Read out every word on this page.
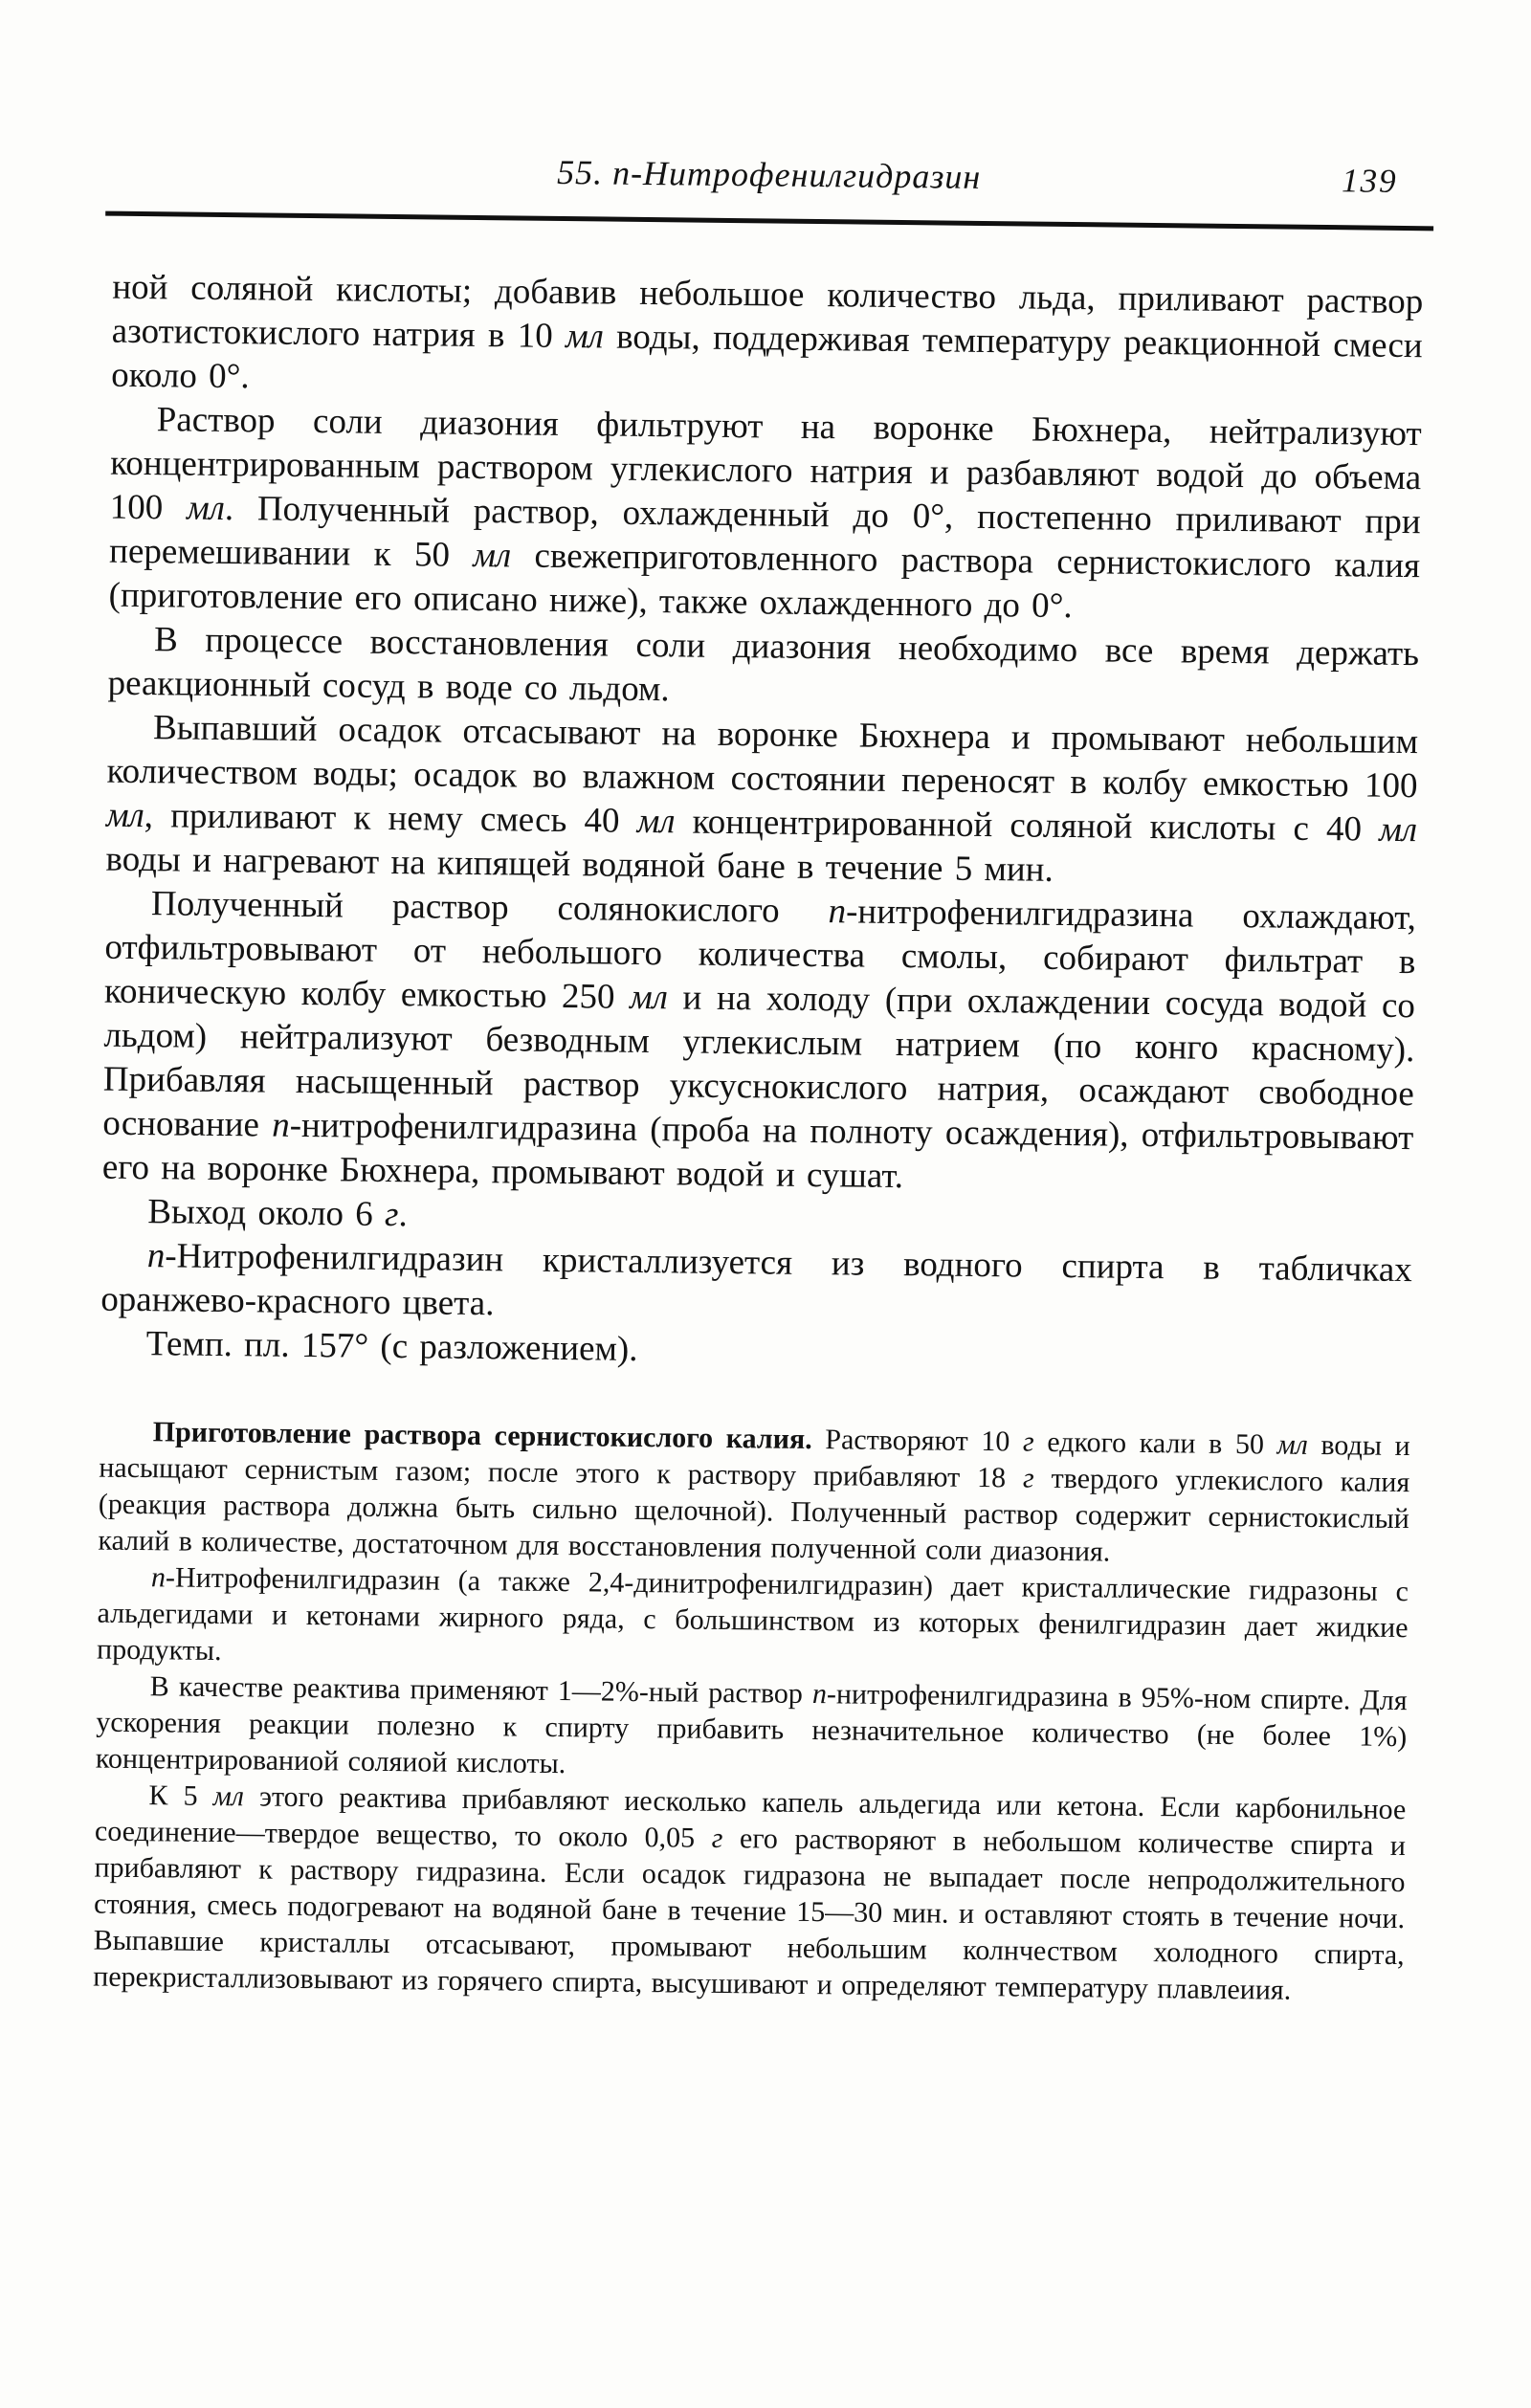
55. п-Нитрофенилгидразин	139

ной соляной кислоты; добавив небольшое количество льда, приливают раствор азотистокислого натрия в 10 мл воды, поддерживая температуру реакционной смеси около 0°.

Раствор соли диазония фильтруют на воронке Бюхнера, нейтрализуют концентрированным раствором углекислого натрия и разбавляют водой до объема 100 мл. Полученный раствор, охлажденный до 0°, постепенно приливают при перемешивании к 50 мл свежеприготовленного раствора сернистокислого калия (приготовление его описано ниже), также охлажденного до 0°.

В процессе восстановления соли диазония необходимо все время держать реакционный сосуд в воде со льдом.

Выпавший осадок отсасывают на воронке Бюхнера и промывают небольшим количеством воды; осадок во влажном состоянии переносят в колбу емкостью 100 мл, приливают к нему смесь 40 мл концентрированной соляной кислоты с 40 мл воды и нагревают на кипящей водяной бане в течение 5 мин.

Полученный раствор солянокислого п-нитрофенилгидразина охлаждают, отфильтровывают от небольшого количества смолы, собирают фильтрат в коническую колбу емкостью 250 мл и на холоду (при охлаждении сосуда водой со льдом) нейтрализуют безводным углекислым натрием (по конго красному). Прибавляя насыщенный раствор уксуснокислого натрия, осаждают свободное основание п-нитрофенилгидразина (проба на полноту осаждения), отфильтровывают его на воронке Бюхнера, промывают водой и сушат.

Выход около 6 г.

п-Нитрофенилгидразин кристаллизуется из водного спирта в табличках оранжево-красного цвета.

Темп. пл. 157° (с разложением).

Приготовление раствора сернистокислого калия. Растворяют 10 г едкого кали в 50 мл воды и насыщают сернистым газом; после этого к раствору прибавляют 18 г твердого углекислого калия (реакция раствора должна быть сильно щелочной). Полученный раствор содержит сернистокислый калий в количестве, достаточном для восстановления полученной соли диазония.

п-Нитрофенилгидразин (а также 2,4-динитрофенилгидразин) дает кристаллические гидразоны с альдегидами и кетонами жирного ряда, с большинством из которых фенилгидразин дает жидкие продукты.

В качестве реактива применяют 1—2%-ный раствор п-нитрофенилгидразина в 95%-ном спирте. Для ускорения реакции полезно к спирту прибавить незначительное количество (не более 1%) концентрированиой соляиой кислоты.

К 5 мл этого реактива прибавляют иесколько капель альдегида или кетона. Если карбонильное соединение—твердое вещество, то около 0,05 г его растворяют в небольшом количестве спирта и прибавляют к раствору гидразина. Если осадок гидразона не выпадает после непродолжительного стояния, смесь подогревают на водяной бане в течение 15—30 мин. и оставляют стоять в течение ночи. Выпавшие кристаллы отсасывают, промывают небольшим колнчеством холодного спирта, перекристаллизовывают из горячего спирта, высушивают и определяют температуру плавлеиия.
